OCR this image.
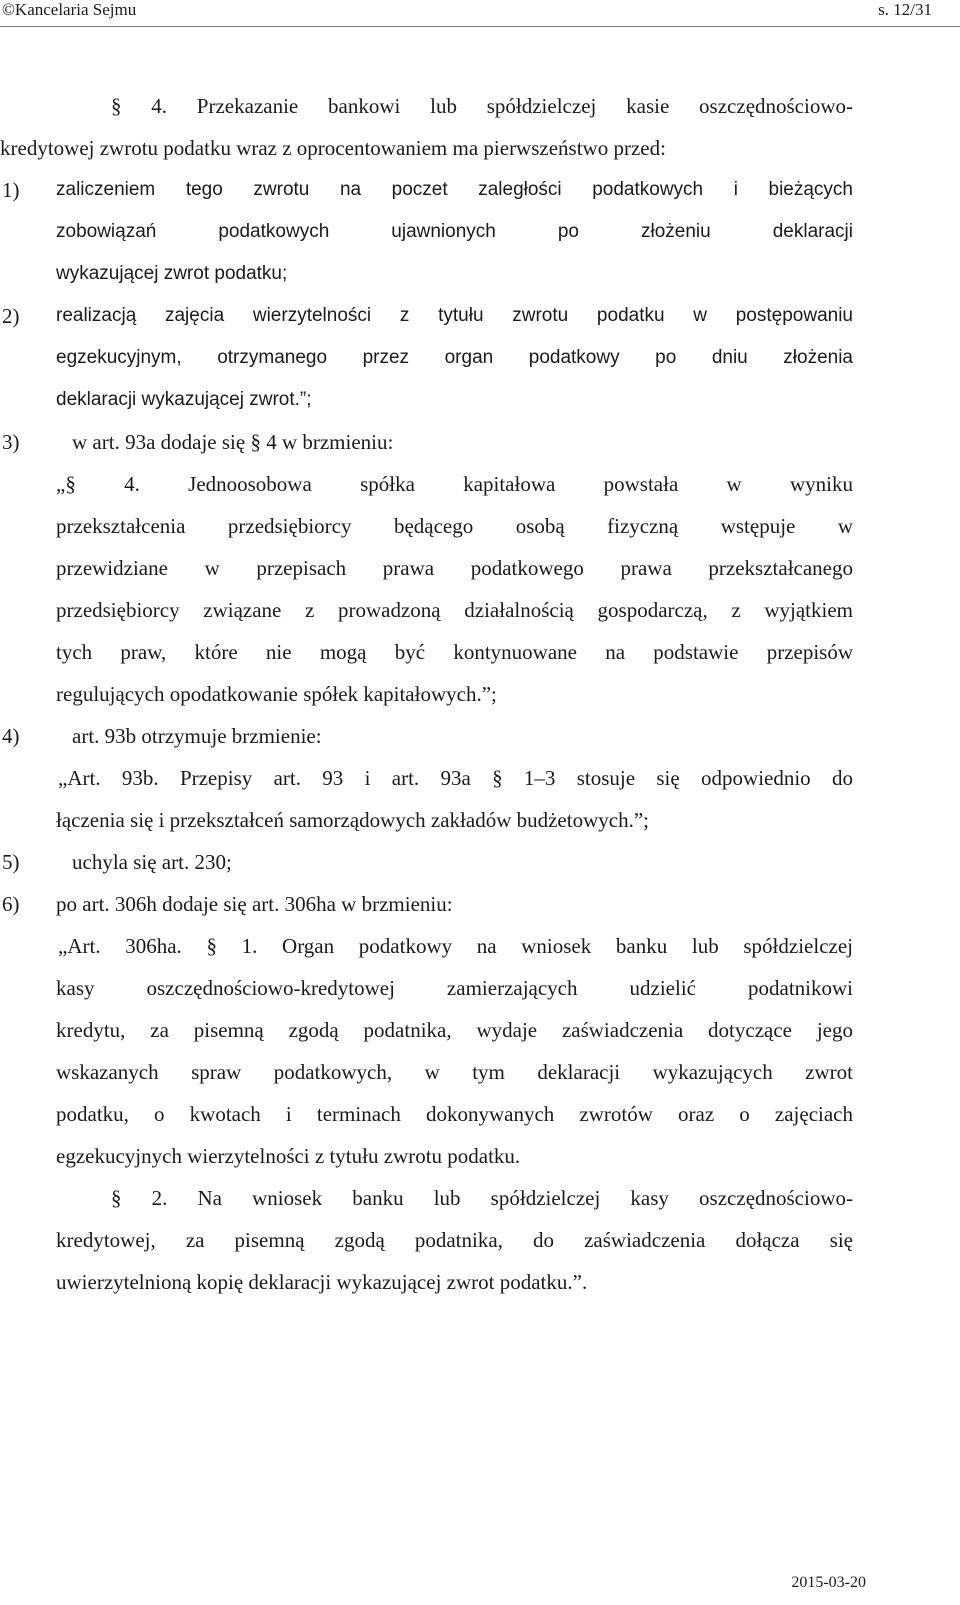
©Kancelaria Sejmu	s. 12/31
§ 4. Przekazanie bankowi lub spółdzielczej kasie oszczędnościowo-
kredytowej zwrotu podatku wraz z oprocentowaniem ma pierwszeństwo przed:
1) zaliczeniem tego zwrotu na poczet zaległości podatkowych i bieżących
zobowiązań podatkowych ujawnionych po złożeniu deklaracji
wykazującej zwrot podatku;
2) realizacją zajęcia wierzytelności z tytułu zwrotu podatku w postępowaniu
egzekucyjnym, otrzymanego przez organ podatkowy po dniu złożenia
deklaracji wykazującej zwrot.”;
3)	w art. 93a dodaje się § 4 w brzmieniu:
„§ 4. Jednoosobowa spółka kapitałowa powstała w wyniku
przekształcenia przedsiębiorcy będącego osobą fizyczną wstępuje w
przewidziane w przepisach prawa podatkowego prawa przekształcanego
przedsiębiorcy związane z prowadzoną działalnością gospodarczą, z wyjątkiem
tych praw, które nie mogą być kontynuowane na podstawie przepisów
regulujących opodatkowanie spółek kapitałowych.”;
4)	art. 93b otrzymuje brzmienie:
„Art. 93b. Przepisy art. 93 i art. 93a § 1–3 stosuje się odpowiednio do
łączenia się i przekształceń samorządowych zakładów budżetowych.”;
5)	uchyla się art. 230;
6) po art. 306h dodaje się art. 306ha w brzmieniu:
„Art. 306ha. § 1. Organ podatkowy na wniosek banku lub spółdzielczej
kasy oszczędnościowo-kredytowej zamierzających udzielić podatnikowi
kredytu, za pisemną zgodą podatnika, wydaje zaświadczenia dotyczące jego
wskazanych spraw podatkowych, w tym deklaracji wykazujących zwrot
podatku, o kwotach i terminach dokonywanych zwrotów oraz o zajęciach
egzekucyjnych wierzytelności z tytułu zwrotu podatku.
§ 2. Na wniosek banku lub spółdzielczej kasy oszczędnościowo-
kredytowej, za pisemną zgodą podatnika, do zaświadczenia dołącza się
uwierzytelnioną kopię deklaracji wykazującej zwrot podatku.”.
2015-03-20
